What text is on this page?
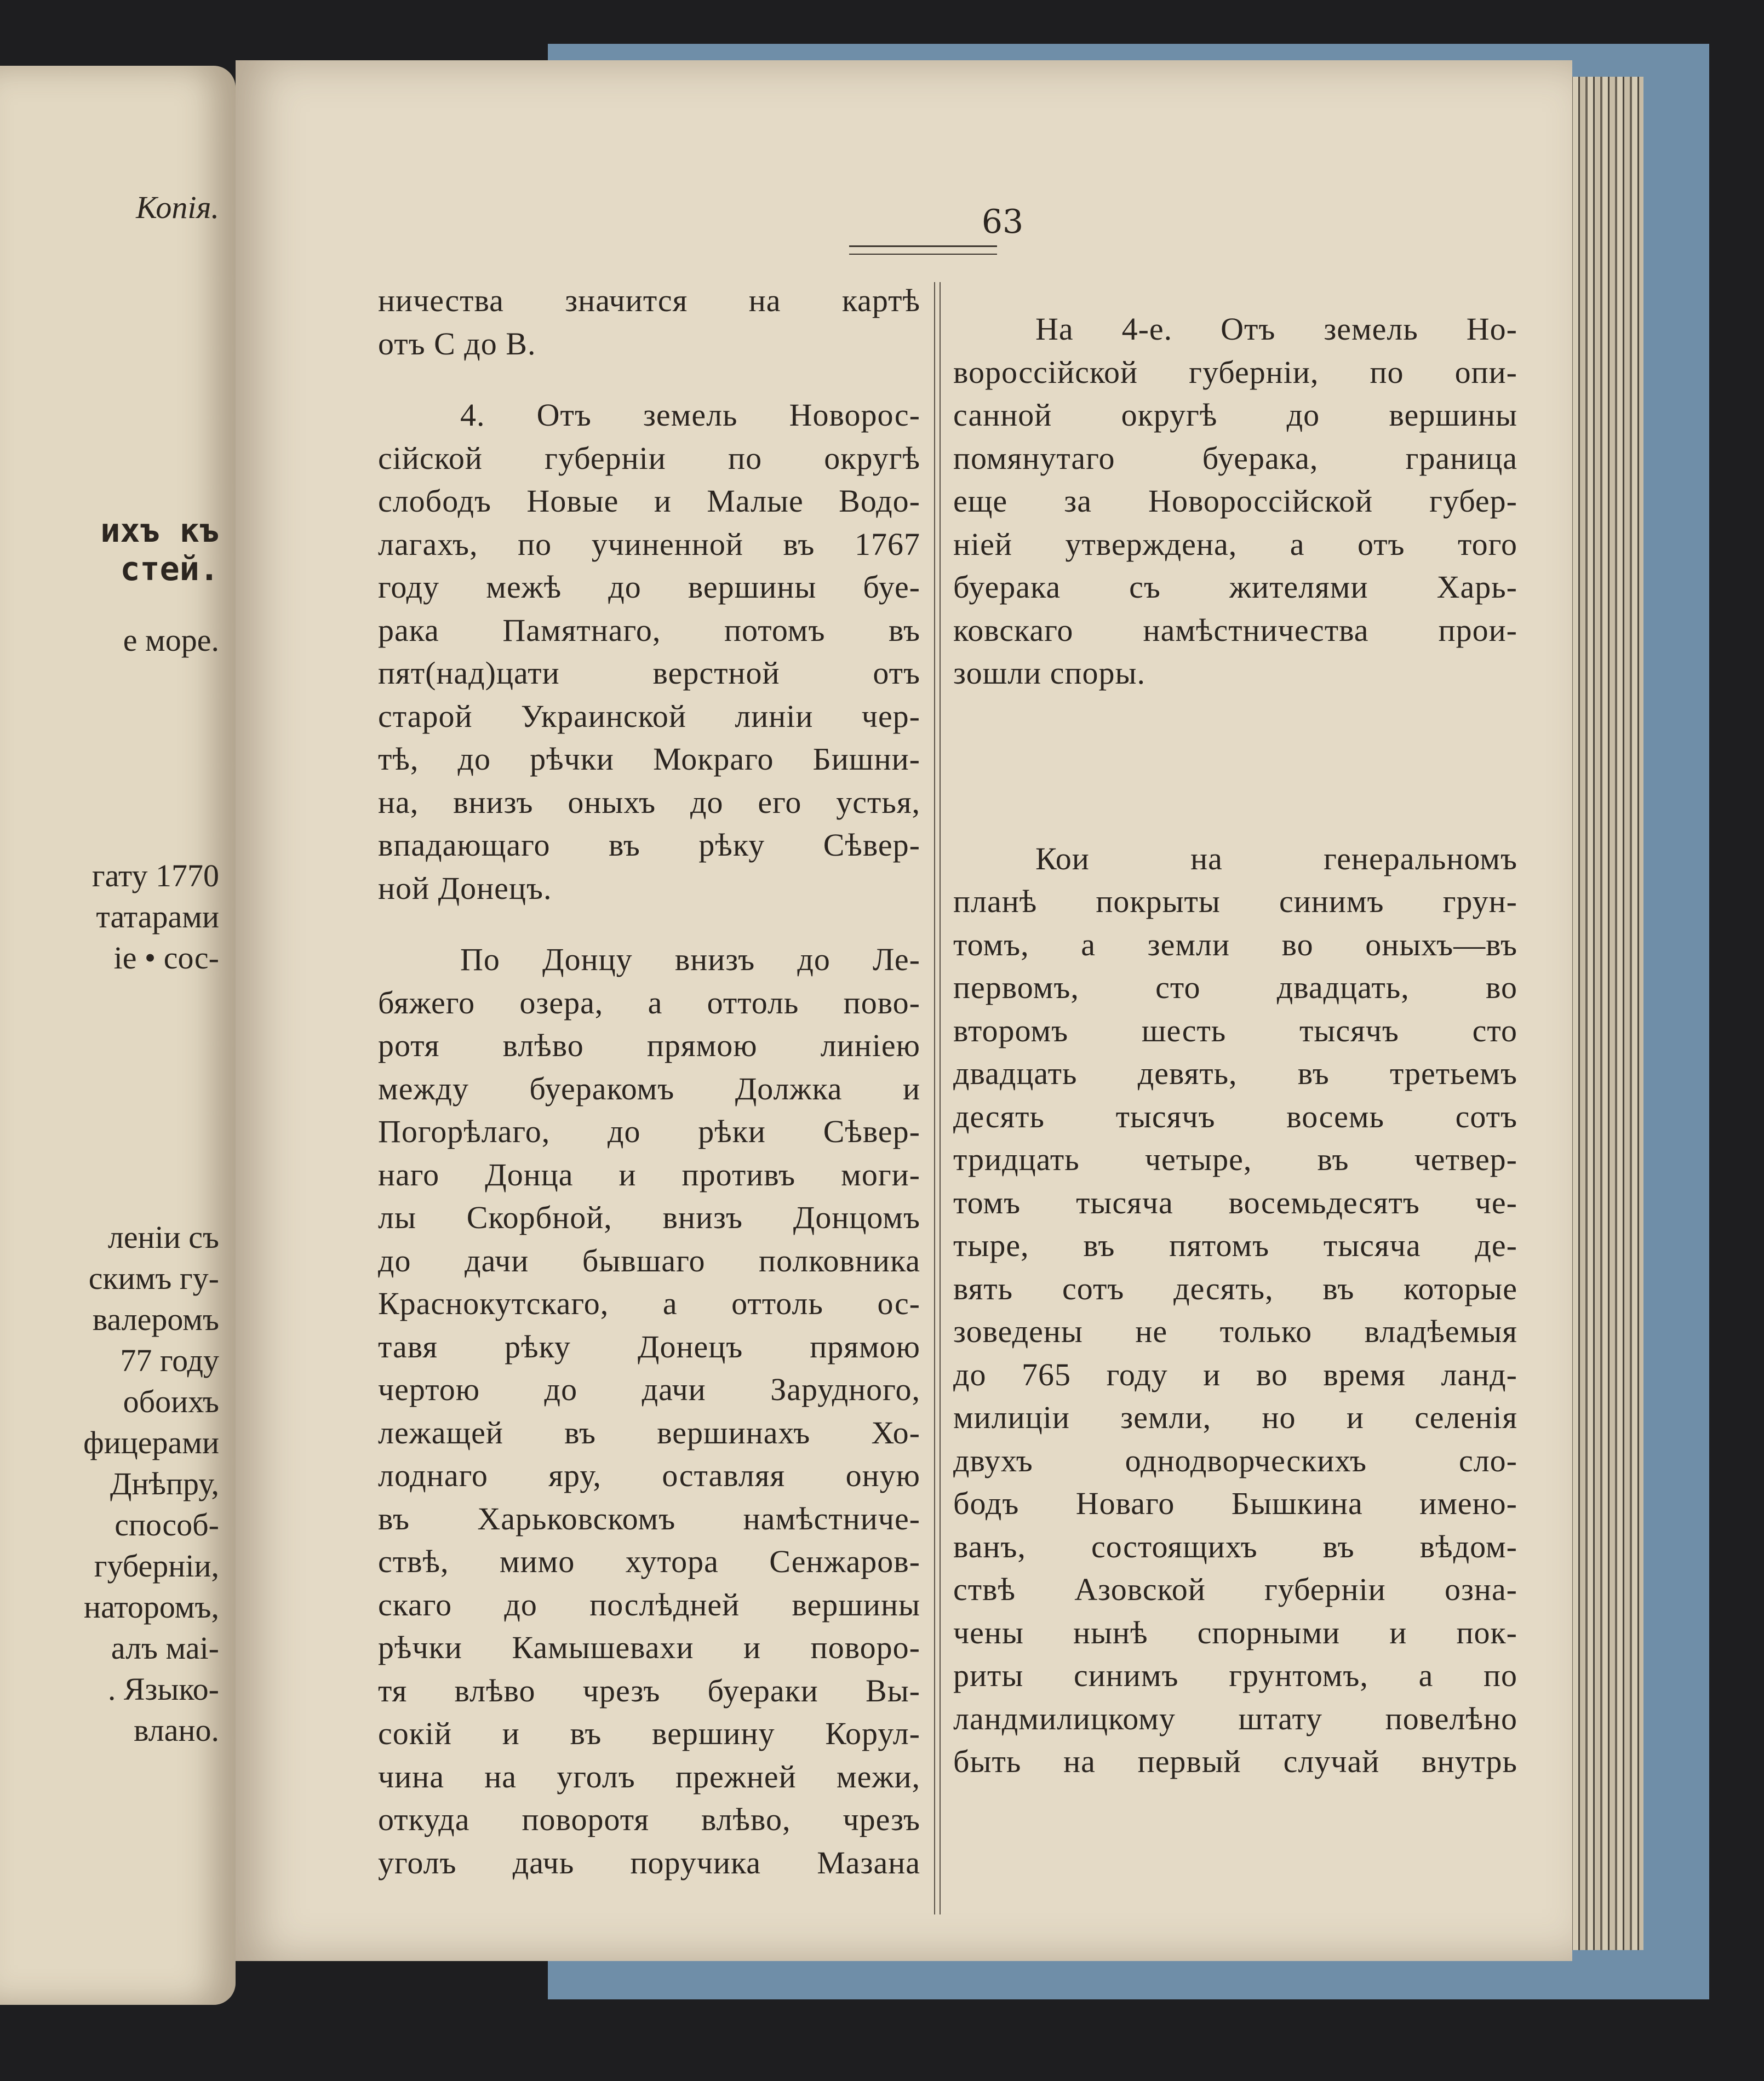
Копія.
ихъ къ
стей.
е море.
гату 1770
татарами
іе • сос-
леніи съ
скимъ гу-
валеромъ
77 году
обоихъ
фицерами
Днѣпру,
способ-
губерніи,
наторомъ,
алъ маі-
. Языко-
влано.
63
ничества значится на картѣ
отъ С до В.
4. Отъ земель Новорос-
сійской губерніи по округѣ
слободъ Новые и Малые Водо-
лагахъ, по учиненной въ 1767
году межѣ до вершины буе-
рака Памятнаго, потомъ въ
пят(над)цати верстной отъ
старой Украинской линіи чер-
тѣ, до рѣчки Мокраго Бишни-
на, внизъ оныхъ до его устья,
впадающаго въ рѣку Сѣвер-
ной Донецъ.
По Донцу внизъ до Ле-
бяжего озера, а оттоль пово-
ротя влѣво прямою линіею
между буеракомъ Должка и
Погорѣлаго, до рѣки Сѣвер-
наго Донца и противъ моги-
лы Скорбной, внизъ Донцомъ
до дачи бывшаго полковника
Краснокутскаго, а оттоль ос-
тавя рѣку Донецъ прямою
чертою до дачи Зарудного,
лежащей въ вершинахъ Хо-
лоднаго яру, оставляя оную
въ Харьковскомъ намѣстниче-
ствѣ, мимо хутора Сенжаров-
скаго до послѣдней вершины
рѣчки Камышевахи и поворо-
тя влѣво чрезъ буераки Вы-
сокій и въ вершину Корул-
чина на уголъ прежней межи,
откуда поворотя влѣво, чрезъ
уголъ дачь поручика Мазана
На 4-е. Отъ земель Но-
вороссійской губерніи, по опи-
санной округѣ до вершины
помянутаго буерака, граница
еще за Новороссійской губер-
ніей утверждена, а отъ того
буерака съ жителями Харь-
ковскаго намѣстничества прои-
зошли споры.
Кои на генеральномъ
планѣ покрыты синимъ грун-
томъ, а земли во оныхъ—въ
первомъ, сто двадцать, во
второмъ шесть тысячъ сто
двадцать девять, въ третьемъ
десять тысячъ восемь сотъ
тридцать четыре, въ четвер-
томъ тысяча восемьдесятъ че-
тыре, въ пятомъ тысяча де-
вять сотъ десять, въ которые
зоведены не только владѣемыя
до 765 году и во время ланд-
милиціи земли, но и селенія
двухъ однодворческихъ сло-
бодъ Новаго Бышкина имено-
ванъ, состоящихъ въ вѣдом-
ствѣ Азовской губерніи озна-
чены нынѣ спорными и пок-
риты синимъ грунтомъ, а по
ландмилицкому штату повелѣно
быть на первый случай внутрь
